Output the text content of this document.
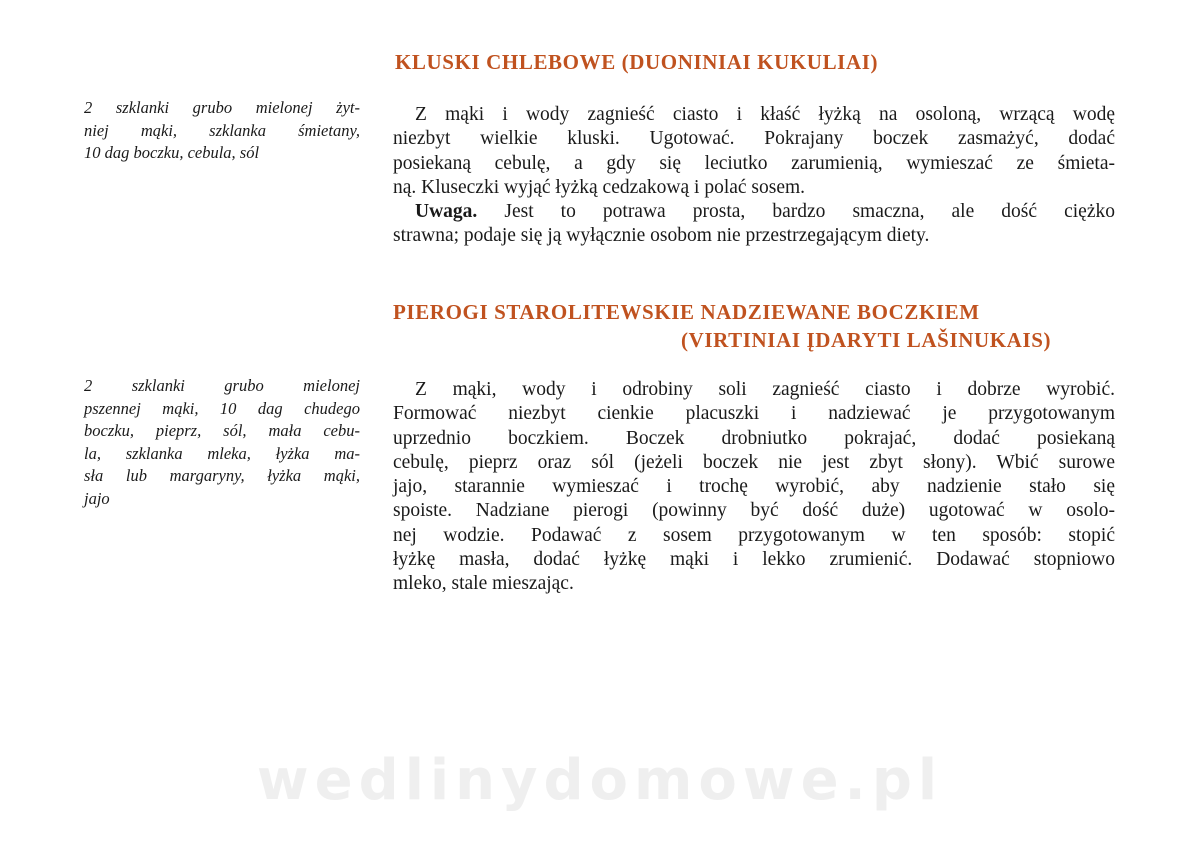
KLUSKI CHLEBOWE (DUONINIAI KUKULIAI)
2 szklanki grubo mielonej żyt-
niej mąki, szklanka śmietany,
10 dag boczku, cebula, sól
Z mąki i wody zagnieść ciasto i kłaść łyżką na osoloną, wrzącą wodę
niezbyt wielkie kluski. Ugotować. Pokrajany boczek zasmażyć, dodać
posiekaną cebulę, a gdy się leciutko zarumienią, wymieszać ze śmieta-
ną. Kluseczki wyjąć łyżką cedzakową i polać sosem.
Uwaga. Jest to potrawa prosta, bardzo smaczna, ale dość ciężko
strawna; podaje się ją wyłącznie osobom nie przestrzegającym diety.
PIEROGI STAROLITEWSKIE NADZIEWANE BOCZKIEM
(VIRTINIAI ĮDARYTI LAŠINUKAIS)
2 szklanki grubo mielonej
pszennej mąki, 10 dag chudego
boczku, pieprz, sól, mała cebu-
la, szklanka mleka, łyżka ma-
sła lub margaryny, łyżka mąki,
jajo
Z mąki, wody i odrobiny soli zagnieść ciasto i dobrze wyrobić.
Formować niezbyt cienkie placuszki i nadziewać je przygotowanym
uprzednio boczkiem. Boczek drobniutko pokrajać, dodać posiekaną
cebulę, pieprz oraz sól (jeżeli boczek nie jest zbyt słony). Wbić surowe
jajo, starannie wymieszać i trochę wyrobić, aby nadzienie stało się
spoiste. Nadziane pierogi (powinny być dość duże) ugotować w osolo-
nej wodzie. Podawać z sosem przygotowanym w ten sposób: stopić
łyżkę masła, dodać łyżkę mąki i lekko zrumienić. Dodawać stopniowo
mleko, stale mieszając.
wedlinydomowe.pl
